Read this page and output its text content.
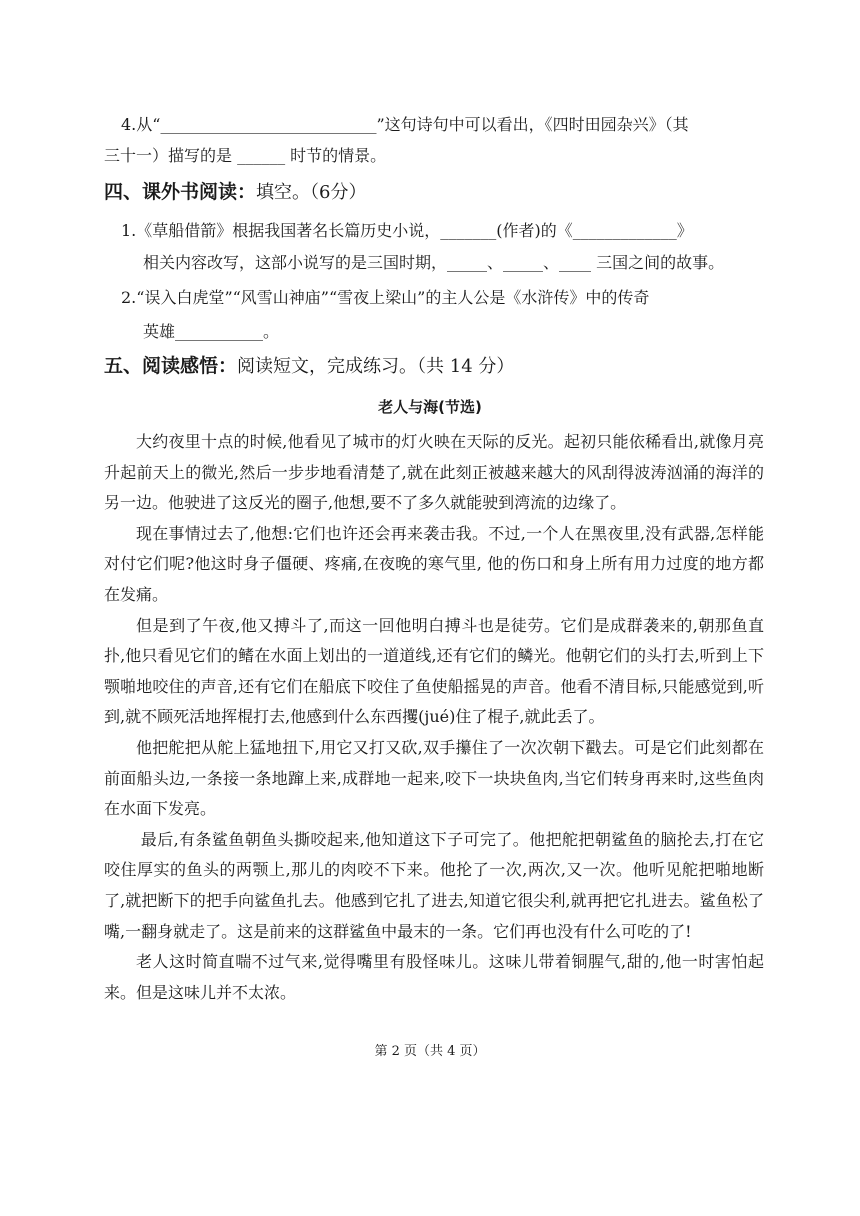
4.从“___________________________”这句诗句中可以看出，《四时田园杂兴》（其
三十一）描写的是 ______ 时节的情景。
四、课外书阅读：填空。（6分）
1.《草船借箭》根据我国著名长篇历史小说，_______(作者)的《_____________》
相关内容改写，这部小说写的是三国时期，_____、_____、____ 三国之间的故事。
2.“误入白虎堂”“风雪山神庙”“雪夜上梁山”的主人公是《水浒传》中的传奇
英雄___________。
五、阅读感悟：阅读短文，完成练习。（共 14 分）
老人与海(节选)

大约夜里十点的时候,他看见了城市的灯火映在天际的反光。起初只能依稀看出,就像月亮升起前天上的微光,然后一步步地看清楚了,就在此刻正被越来越大的风刮得波涛汹涌的海洋的另一边。他驶进了这反光的圈子,他想,要不了多久就能驶到湾流的边缘了。

现在事情过去了,他想:它们也许还会再来袭击我。不过,一个人在黑夜里,没有武器,怎样能对付它们呢?他这时身子僵硬、疼痛,在夜晚的寒气里, 他的伤口和身上所有用力过度的地方都在发痛。

但是到了午夜,他又搏斗了,而这一回他明白搏斗也是徒劳。它们是成群袭来的,朝那鱼直扑,他只看见它们的鳍在水面上划出的一道道线,还有它们的鳞光。他朝它们的头打去,听到上下颚啪地咬住的声音,还有它们在船底下咬住了鱼使船摇晃的声音。他看不清目标,只能感觉到,听到,就不顾死活地挥棍打去,他感到什么东西攫(jué)住了棍子,就此丢了。

他把舵把从舵上猛地扭下,用它又打又砍,双手攥住了一次次朝下戳去。可是它们此刻都在前面船头边,一条接一条地蹿上来,成群地一起来,咬下一块块鱼肉,当它们转身再来时,这些鱼肉在水面下发亮。

最后,有条鲨鱼朝鱼头撕咬起来,他知道这下子可完了。他把舵把朝鲨鱼的脑抡去,打在它咬住厚实的鱼头的两颚上,那儿的肉咬不下来。他抡了一次,两次,又一次。他听见舵把啪地断了,就把断下的把手向鲨鱼扎去。他感到它扎了进去,知道它很尖利,就再把它扎进去。鲨鱼松了嘴,一翻身就走了。这是前来的这群鲨鱼中最末的一条。它们再也没有什么可吃的了!

老人这时简直喘不过气来,觉得嘴里有股怪味儿。这味儿带着铜腥气,甜的,他一时害怕起来。但是这味儿并不太浓。

第 2 页（共 4 页）
